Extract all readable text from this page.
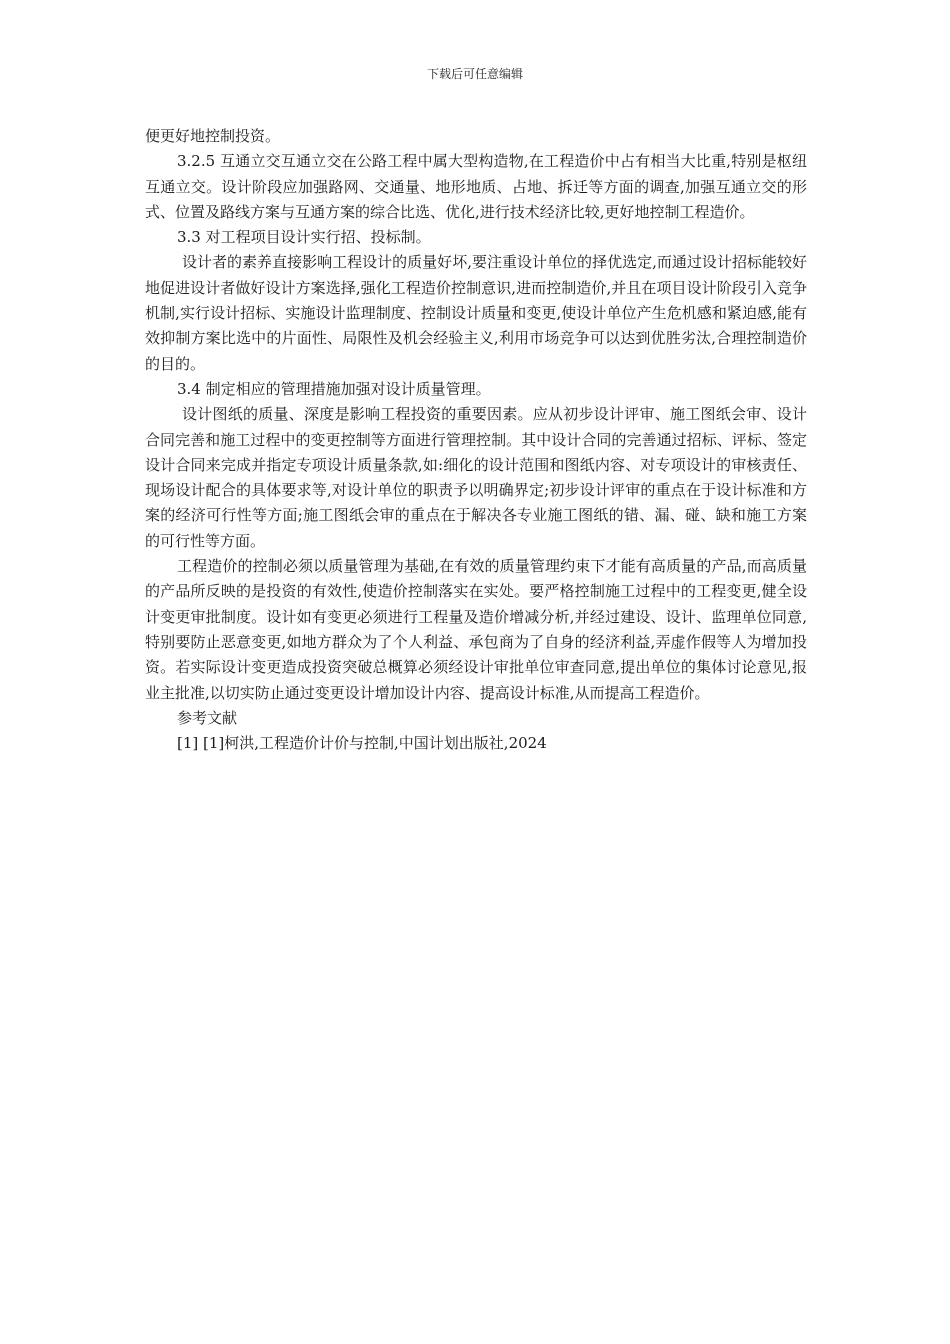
下载后可任意编辑

便更好地控制投资。

3.2.5 互通立交互通立交在公路工程中属大型构造物,在工程造价中占有相当大比重,特别是枢纽互通立交。设计阶段应加强路网、交通量、地形地质、占地、拆迁等方面的调查,加强互通立交的形式、位置及路线方案与互通方案的综合比选、优化,进行技术经济比较,更好地控制工程造价。

3.3 对工程项目设计实行招、投标制。

设计者的素养直接影响工程设计的质量好坏,要注重设计单位的择优选定,而通过设计招标能较好地促进设计者做好设计方案选择,强化工程造价控制意识,进而控制造价,并且在项目设计阶段引入竞争机制,实行设计招标、实施设计监理制度、控制设计质量和变更,使设计单位产生危机感和紧迫感,能有效抑制方案比选中的片面性、局限性及机会经验主义,利用市场竞争可以达到优胜劣汰,合理控制造价的目的。

3.4 制定相应的管理措施加强对设计质量管理。

设计图纸的质量、深度是影响工程投资的重要因素。应从初步设计评审、施工图纸会审、设计合同完善和施工过程中的变更控制等方面进行管理控制。其中设计合同的完善通过招标、评标、签定设计合同来完成并指定专项设计质量条款,如:细化的设计范围和图纸内容、对专项设计的审核责任、现场设计配合的具体要求等,对设计单位的职责予以明确界定;初步设计评审的重点在于设计标准和方案的经济可行性等方面;施工图纸会审的重点在于解决各专业施工图纸的错、漏、碰、缺和施工方案的可行性等方面。

工程造价的控制必须以质量管理为基础,在有效的质量管理约束下才能有高质量的产品,而高质量的产品所反映的是投资的有效性,使造价控制落实在实处。要严格控制施工过程中的工程变更,健全设计变更审批制度。设计如有变更必须进行工程量及造价增减分析,并经过建设、设计、监理单位同意,特别要防止恶意变更,如地方群众为了个人利益、承包商为了自身的经济利益,弄虚作假等人为增加投资。若实际设计变更造成投资突破总概算必须经设计审批单位审查同意,提出单位的集体讨论意见,报业主批准,以切实防止通过变更设计增加设计内容、提高设计标准,从而提高工程造价。

参考文献

[1] [1]柯洪,工程造价计价与控制,中国计划出版社,2024
